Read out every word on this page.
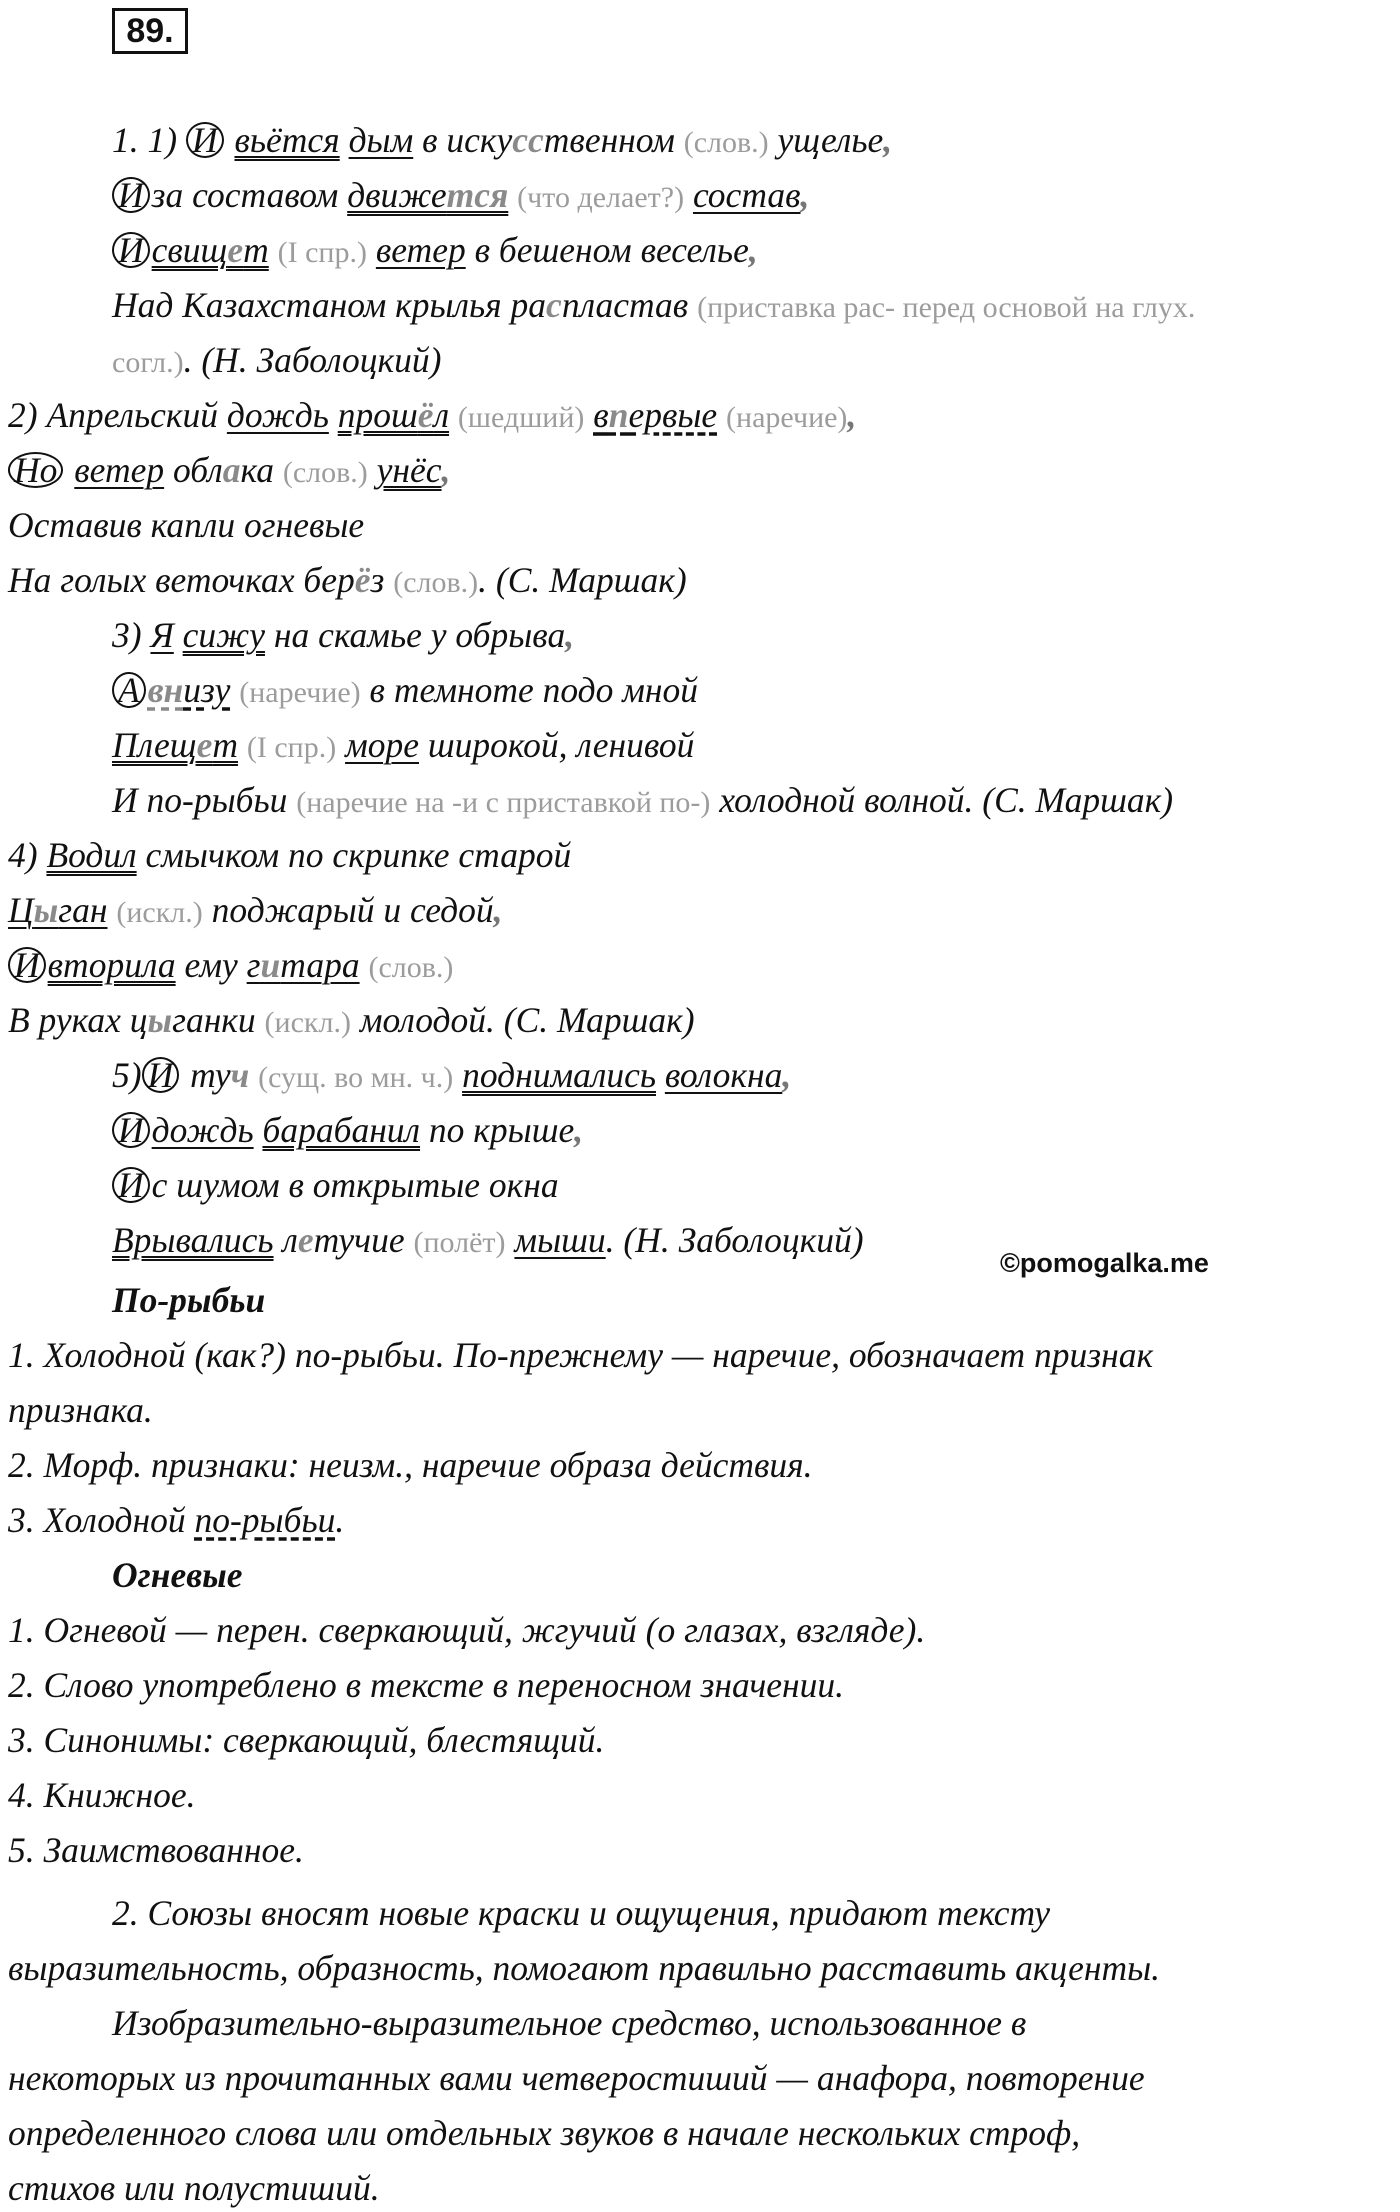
89.
1. 1) И вьётся дым в искусственном (слов.) ущелье,
И за составом движется (что делает?) состав,
И свищет (I спр.) ветер в бешеном веселье,
Над Казахстаном крылья распластав (приставка рас- перед основой на глух.
согл.). (Н. Заболоцкий)
2) Апрельский дождь прошёл (шедший) впервые (наречие),
Но ветер облака (слов.) унёс,
Оставив капли огневые
На голых веточках берёз (слов.). (С. Маршак)
3) Я сижу на скамье у обрыва,
А внизу (наречие) в темноте подо мной
Плещет (I спр.) море широкой, ленивой
И по-рыбьи (наречие на -и с приставкой по-) холодной волной. (С. Маршак)
4) Водил смычком по скрипке старой
Цыган (искл.) поджарый и седой,
И вторила ему гитара (слов.)
В руках цыганки (искл.) молодой. (С. Маршак)
5) И туч (сущ. во мн. ч.) поднимались волокна,
И дождь барабанил по крыше,
И с шумом в открытые окна
Врывались летучие (полёт) мыши. (Н. Заболоцкий)
©pomogalka.me
По-рыбьи
1. Холодной (как?) по-рыбьи. По-прежнему — наречие, обозначает признак
признака.
2. Морф. признаки: неизм., наречие образа действия.
3. Холодной по-рыбьи.
Огневые
1. Огневой — перен. сверкающий, жгучий (о глазах, взгляде).
2. Слово употреблено в тексте в переносном значении.
3. Синонимы: сверкающий, блестящий.
4. Книжное.
5. Заимствованное.
2. Союзы вносят новые краски и ощущения, придают тексту
выразительность, образность, помогают правильно расставить акценты.
Изобразительно-выразительное средство, использованное в
некоторых из прочитанных вами четверостиший — анафора, повторение
определенного слова или отдельных звуков в начале нескольких строф,
стихов или полустиший.
